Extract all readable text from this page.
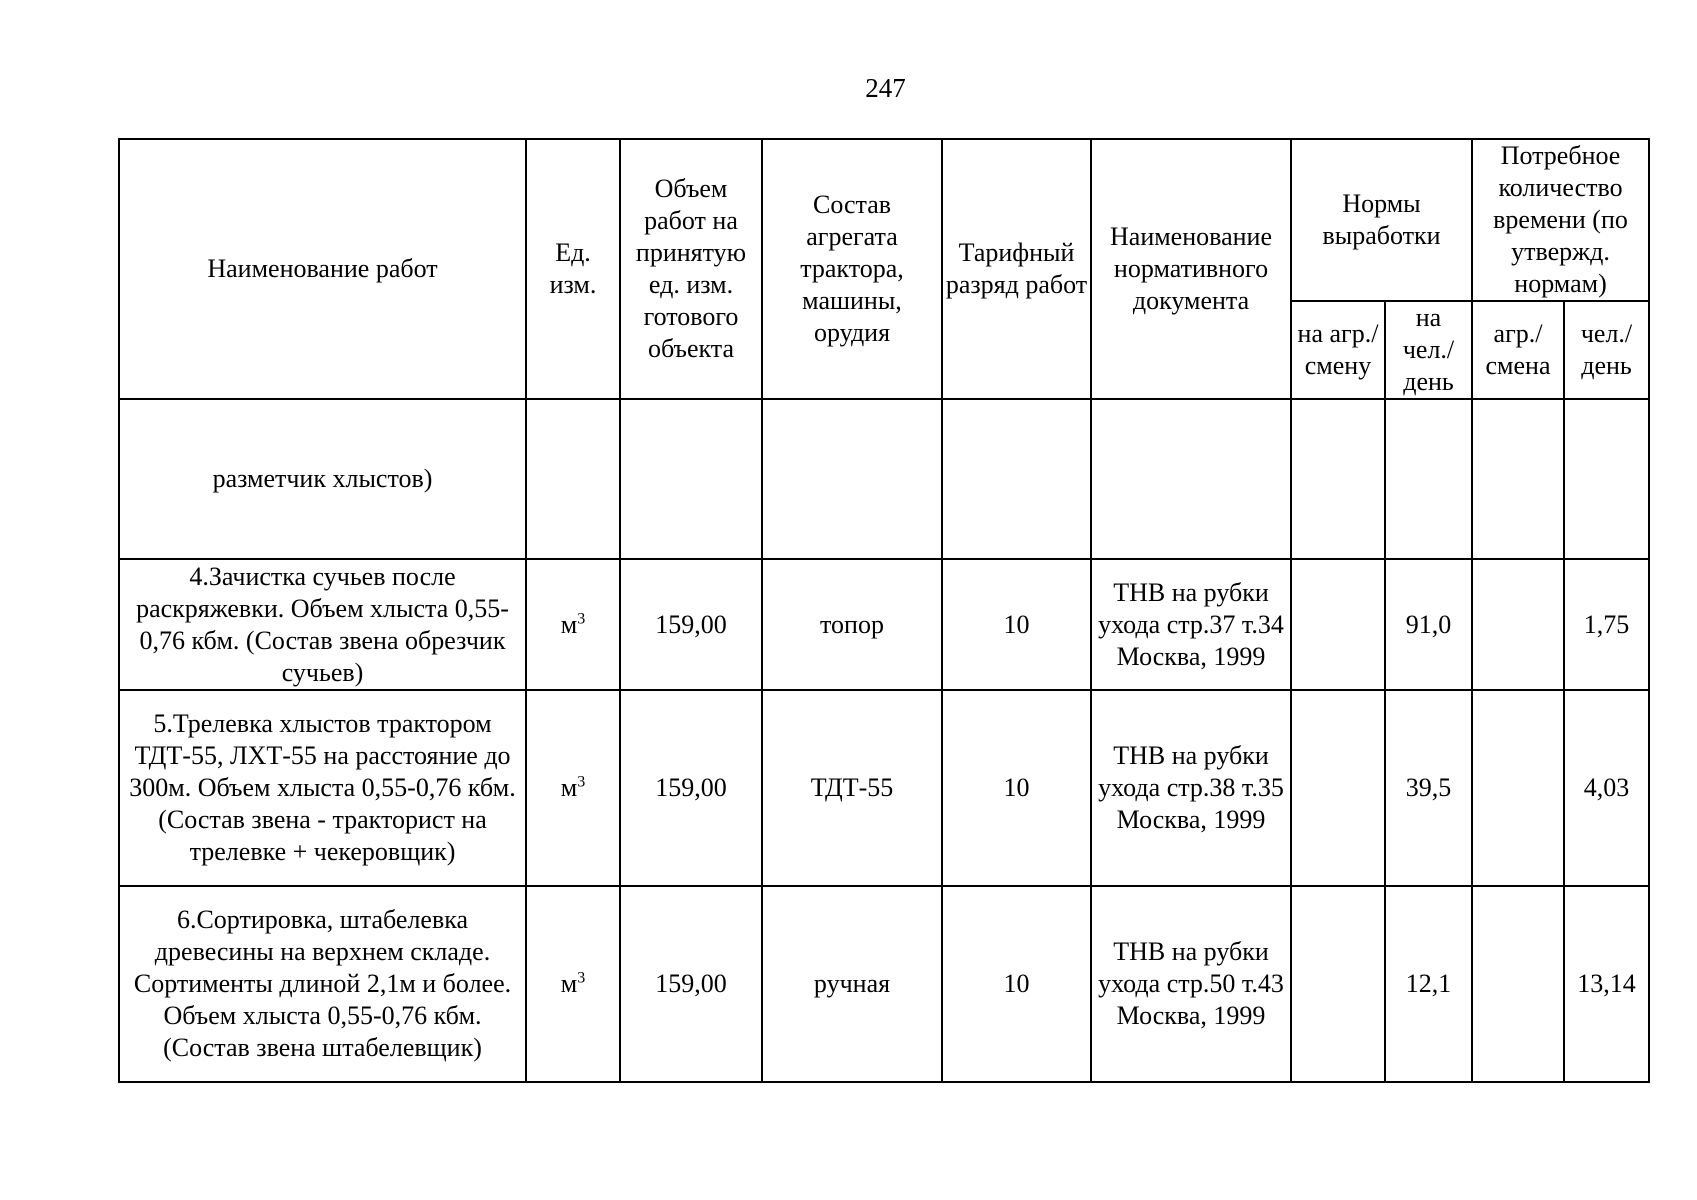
247
Наименование работ	Ед. изм.	Объем работ на принятую ед. изм. готового объекта	Состав агрегата трактора, машины, орудия	Тарифный разряд работ	Наименование нормативного документа	Нормы выработки		Потребное количество времени (по утвержд. нормам)	
						на агр./ смену	на чел./ день	агр./ смена	чел./ день
разметчик хлыстов)									
4.Зачистка сучьев после раскряжевки. Объем хлыста 0,55-0,76 кбм. (Состав звена обрезчик сучьев)	$м^3$	159,00	топор	10	ТНВ на рубки ухода стр.37 т.34 Москва, 1999		91,0		1,75
5.Трелевка хлыстов трактором ТДТ-55, ЛХТ-55 на расстояние до 300м. Объем хлыста 0,55-0,76 кбм. (Состав звена - тракторист на трелевке + чекеровщик)	$м^3$	159,00	ТДТ-55	10	ТНВ на рубки ухода стр.38 т.35 Москва, 1999		39,5		4,03
6.Сортировка, штабелевка древесины на верхнем складе. Сортименты длиной 2,1м и более. Объем хлыста 0,55-0,76 кбм. (Состав звена штабелевщик)	$м^3$	159,00	ручная	10	ТНВ на рубки ухода стр.50 т.43 Москва, 1999		12,1		13,14
